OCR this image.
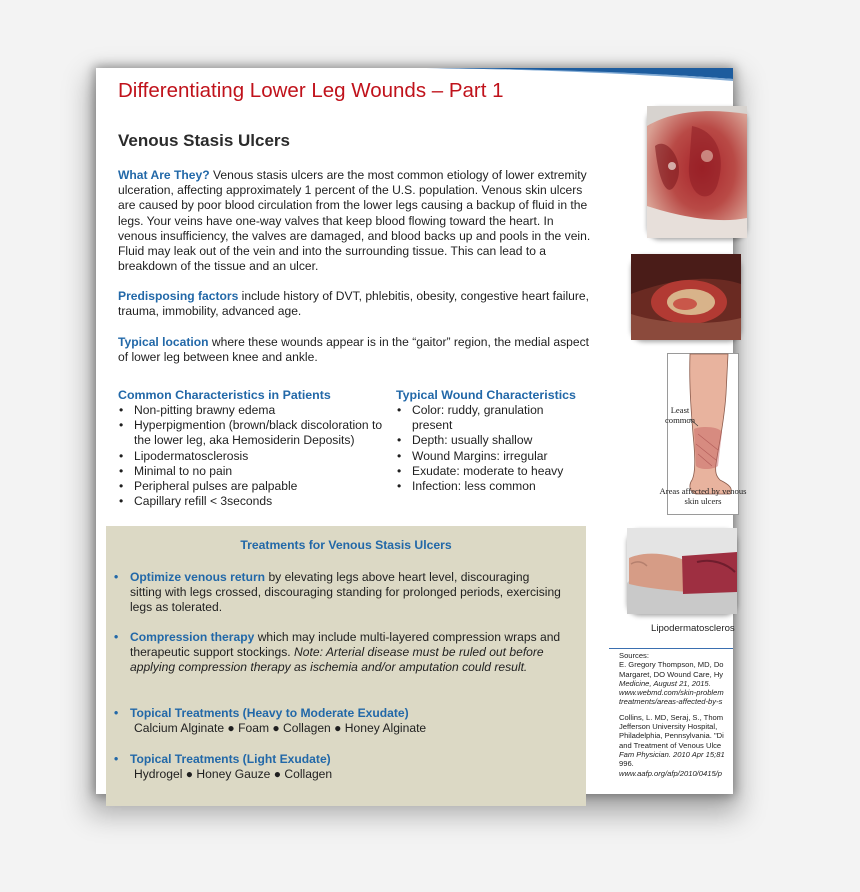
Differentiating Lower Leg Wounds – Part 1
Venous Stasis Ulcers

What Are They? Venous stasis ulcers are the most common etiology of lower extremity ulceration, affecting approximately 1 percent of the U.S. population. Venous skin ulcers are caused by poor blood circulation from the lower legs causing a backup of fluid in the legs. Your veins have one-way valves that keep blood flowing toward the heart. In venous insufficiency, the valves are damaged, and blood backs up and pools in the vein. Fluid may leak out of the vein and into the surrounding tissue. This can lead to a breakdown of the tissue and an ulcer.

Predisposing factors include history of DVT, phlebitis, obesity, congestive heart failure, trauma, immobility, advanced age.

Typical location where these wounds appear is in the “gaitor” region, the medial aspect of lower leg between knee and ankle.

Common Characteristics in Patients
• Non-pitting brawny edema
• Hyperpigmention (brown/black discoloration to the lower leg, aka Hemosiderin Deposits)
• Lipodermatosclerosis
• Minimal to no pain
• Peripheral pulses are palpable
• Capillary refill < 3seconds
Typical Wound Characteristics
• Color: ruddy, granulation present
• Depth: usually shallow
• Wound Margins: irregular
• Exudate: moderate to heavy
• Infection: less common
Treatments for Venous Stasis Ulcers
• Optimize venous return by elevating legs above heart level, discouraging sitting with legs crossed, discouraging standing for prolonged periods, exercising legs as tolerated.
• Compression therapy which may include multi-layered compression wraps and therapeutic support stockings. Note: Arterial disease must be ruled out before applying compression therapy as ischemia and/or amputation could result.
• Topical Treatments (Heavy to Moderate Exudate)
Calcium Alginate ● Foam ● Collagen ● Honey Alginate
• Topical Treatments (Light Exudate)
Hydrogel ● Honey Gauze ● Collagen
Least common
Areas affected by venous skin ulcers
Lipodermatoscleros
Sources:
E. Gregory Thompson, MD, Do
Margaret, DO Wound Care, Hy
Medicine, August 21, 2015.
www.webmd.com/skin-problem
treatments/areas-affected-by-s
Collins, L. MD, Seraj, S., Thom
Jefferson University Hospital,
Philadelphia, Pennsylvania. "Di
and Treatment of Venous Ulce
Fam Physician. 2010 Apr 15;81
996.
www.aafp.org/afp/2010/0415/p
